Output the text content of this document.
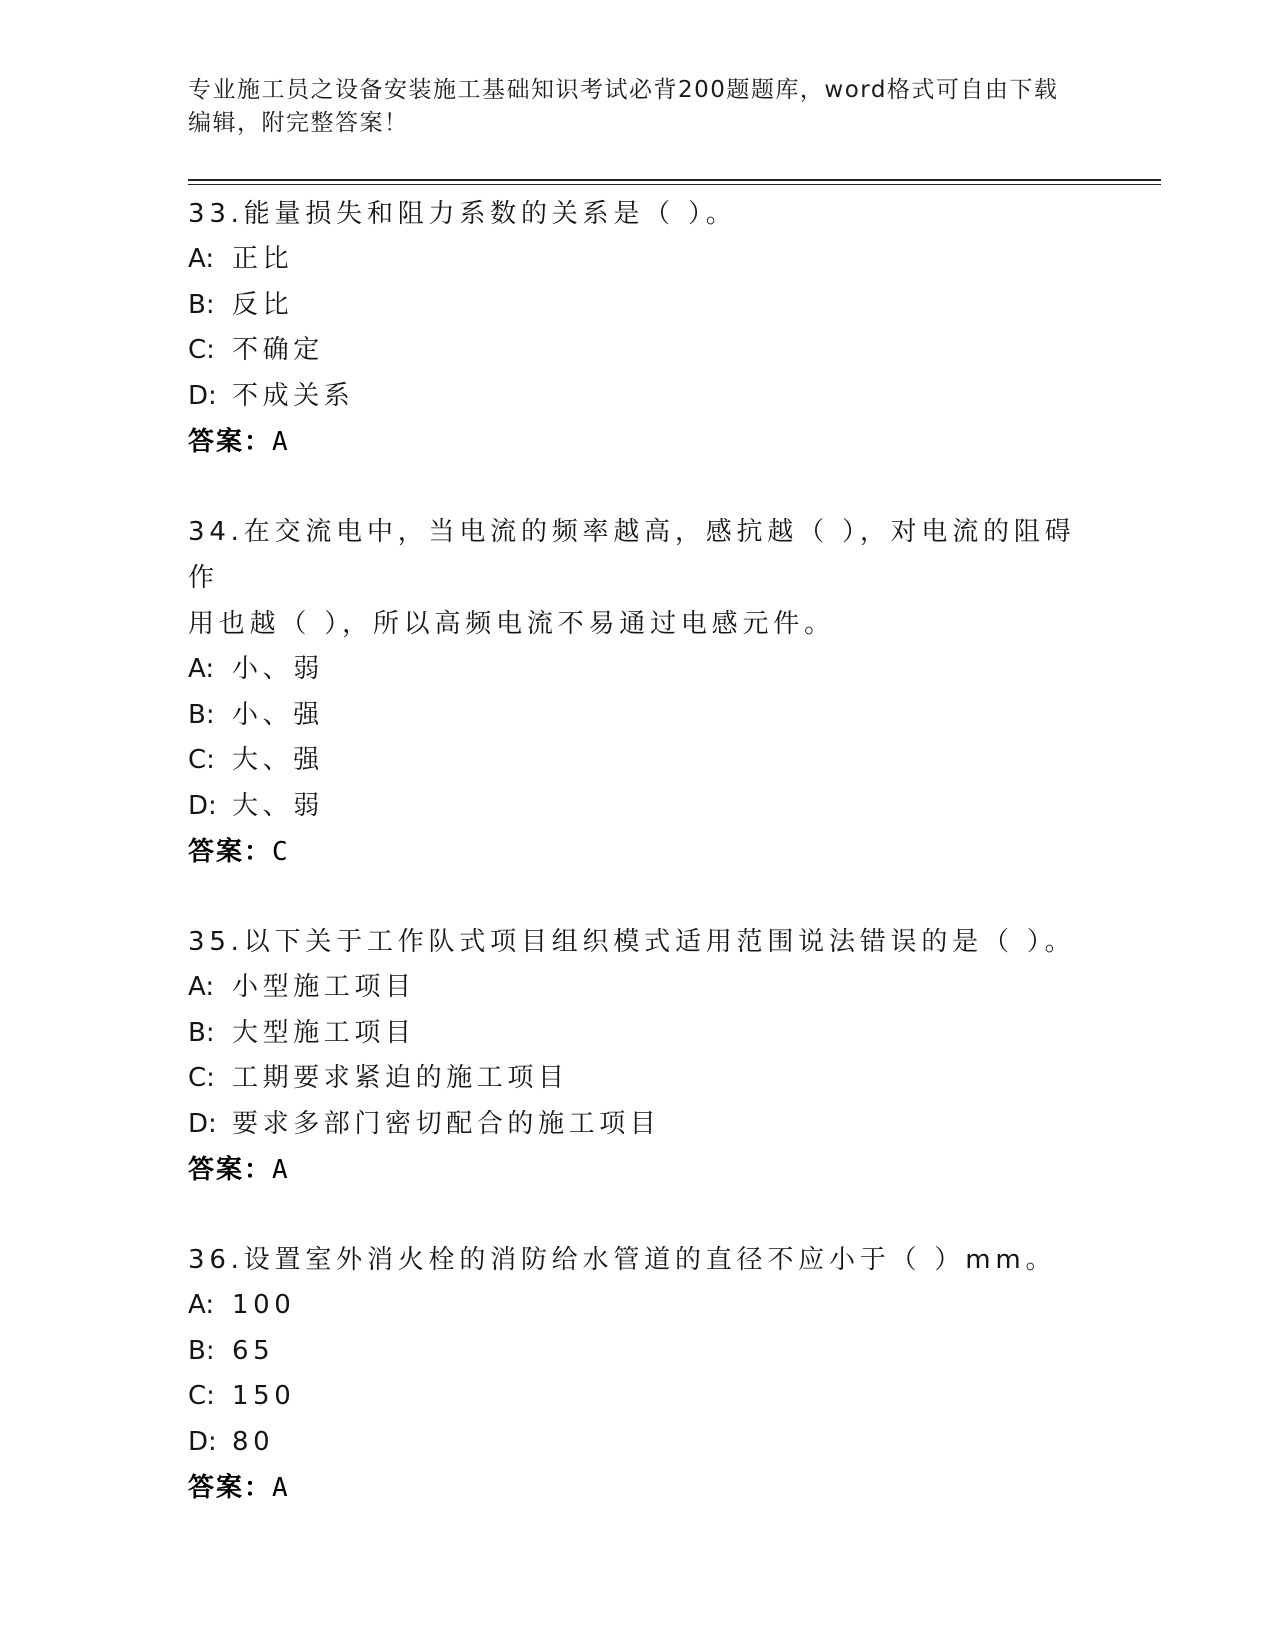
专业施工员之设备安装施工基础知识考试必背200题题库，word格式可自由下载
编辑，附完整答案！
33.能量损失和阻力系数的关系是（ ）。
A: 正比
B: 反比
C: 不确定
D: 不成关系
答案：A
34.在交流电中，当电流的频率越高，感抗越（ ），对电流的阻碍作
用也越（ ），所以高频电流不易通过电感元件。
A: 小、弱
B: 小、强
C: 大、强
D: 大、弱
答案：C
35.以下关于工作队式项目组织模式适用范围说法错误的是（ ）。
A: 小型施工项目
B: 大型施工项目
C: 工期要求紧迫的施工项目
D: 要求多部门密切配合的施工项目
答案：A
36.设置室外消火栓的消防给水管道的直径不应小于（ ）mm。
A: 100
B: 65
C: 150
D: 80
答案：A
